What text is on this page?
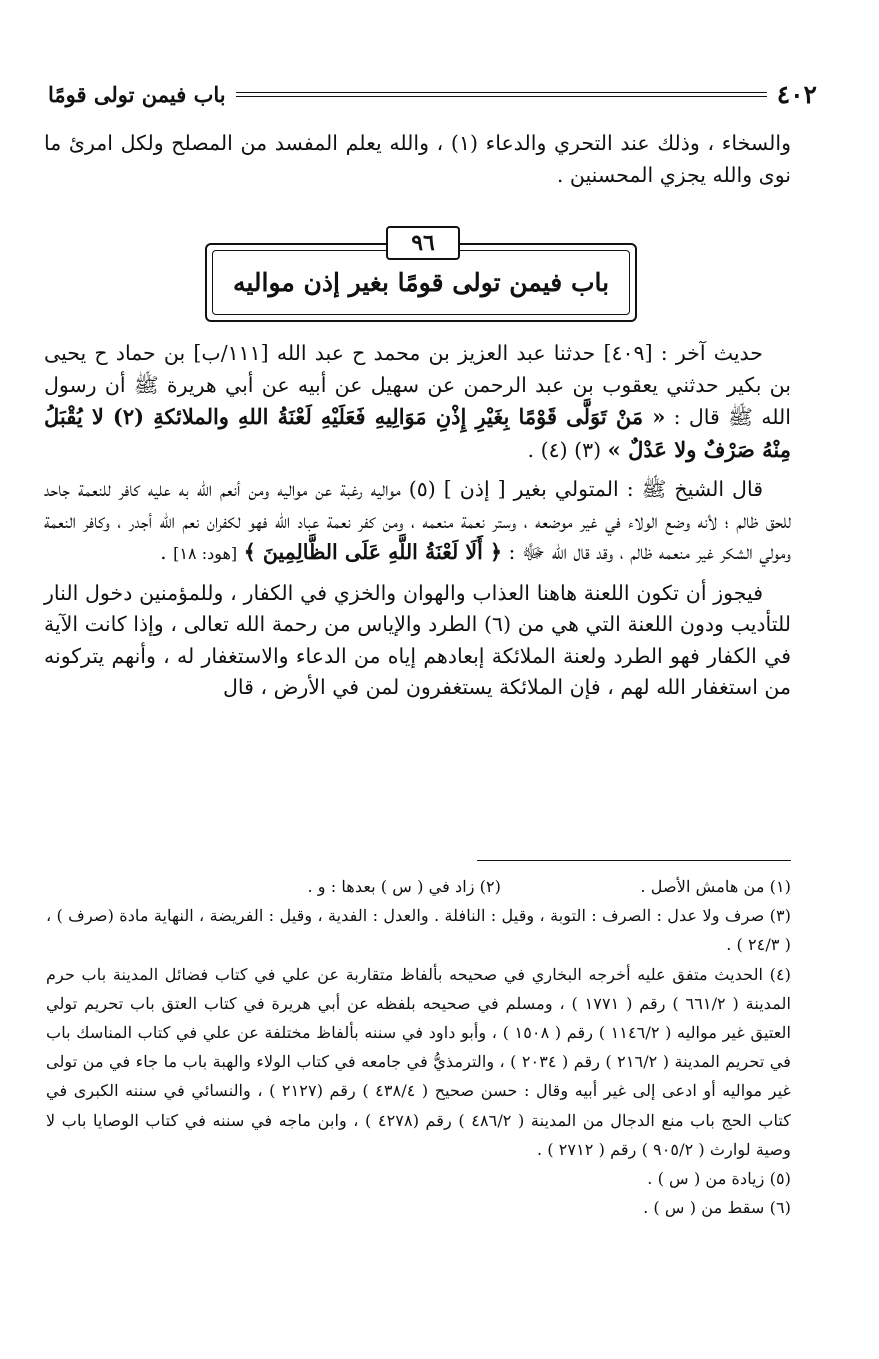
٤٠٢
باب فيمن تولى قومًا

والسخاء ، وذلك عند التحري والدعاء (١) ، والله يعلم المفسد من المصلح ولكل امرئ ما نوى والله يجزي المحسنين .

٩٦
باب فيمن تولى قومًا بغير إذن مواليه

حديث آخر : [٤٠٩] حدثنا عبد العزيز بن محمد ح عبد الله [١١١/ب] بن حماد ح يحيى بن بكير حدثني يعقوب بن عبد الرحمن عن سهيل عن أبيه عن أبي هريرة ﷺ أن رسول الله ﷺ قال : « مَنْ تَوَلَّى قَوْمًا بِغَيْرِ إِذْنِ مَوَالِيهِ فَعَلَيْهِ لَعْنَةُ اللهِ والملائكةِ (٢) لا يُقْبَلُ مِنْهُ صَرْفٌ ولا عَدْلٌ » (٣) (٤) .

قال الشيخ ﷺ : المتولي بغير [ إذن ] (٥) مواليه رغبة عن مواليه ومن أنعم الله به عليه كافر للنعمة جاحد للحق ظالم ؛ لأنه وضع الولاء في غير موضعه ، وستر نعمة منعمه ، ومن كفر نعمة عباد الله فهو لكفران نعم الله أجدر ، وكافر النعمة ومولي الشكر غير منعمه ظالم ، وقد قال الله ﷻ : ﴿ أَلَا لَعْنَةُ اللَّهِ عَلَى الظَّالِمِينَ ﴾ [هود: ١٨] .

فيجوز أن تكون اللعنة هاهنا العذاب والهوان والخزي في الكفار ، وللمؤمنين دخول النار للتأديب ودون اللعنة التي هي من (٦) الطرد والإياس من رحمة الله تعالى ، وإذا كانت الآية في الكفار فهو الطرد ولعنة الملائكة إبعادهم إياه من الدعاء والاستغفار له ، وأنهم يتركونه من استغفار الله لهم ، فإن الملائكة يستغفرون لمن في الأرض ، قال

(١) من هامش الأصل .
(٢) زاد في ( س ) بعدها : و .

(٣) صرف ولا عدل : الصرف : التوبة ، وقيل : النافلة . والعدل : الفدية ، وقيل : الفريضة ، النهاية مادة (صرف ) ، ( ٢٤/٣ ) .

(٤) الحديث متفق عليه أخرجه البخاري في صحيحه بألفاظ متقاربة عن علي في كتاب فضائل المدينة باب حرم المدينة ( ٦٦١/٢ ) رقم ( ١٧٧١ ) ، ومسلم في صحيحه بلفظه عن أبي هريرة في كتاب العتق باب تحريم تولي العتيق غير مواليه ( ١١٤٦/٢ ) رقم ( ١٥٠٨ ) ، وأبو داود في سننه بألفاظ مختلفة عن علي في كتاب المناسك باب في تحريم المدينة ( ٢١٦/٢ ) رقم ( ٢٠٣٤ ) ، والترمذيُّ في جامعه في كتاب الولاء والهبة باب ما جاء في من تولى غير مواليه أو ادعى إلى غير أبيه وقال : حسن صحيح ( ٤٣٨/٤ ) رقم (٢١٢٧ ) ، والنسائي في سننه الكبرى في كتاب الحج باب منع الدجال من المدينة ( ٤٨٦/٢ ) رقم (٤٢٧٨ ) ، وابن ماجه في سننه في كتاب الوصايا باب لا وصية لوارث ( ٩٠٥/٢ ) رقم ( ٢٧١٢ ) .

(٥) زيادة من ( س ) .

(٦) سقط من ( س ) .
